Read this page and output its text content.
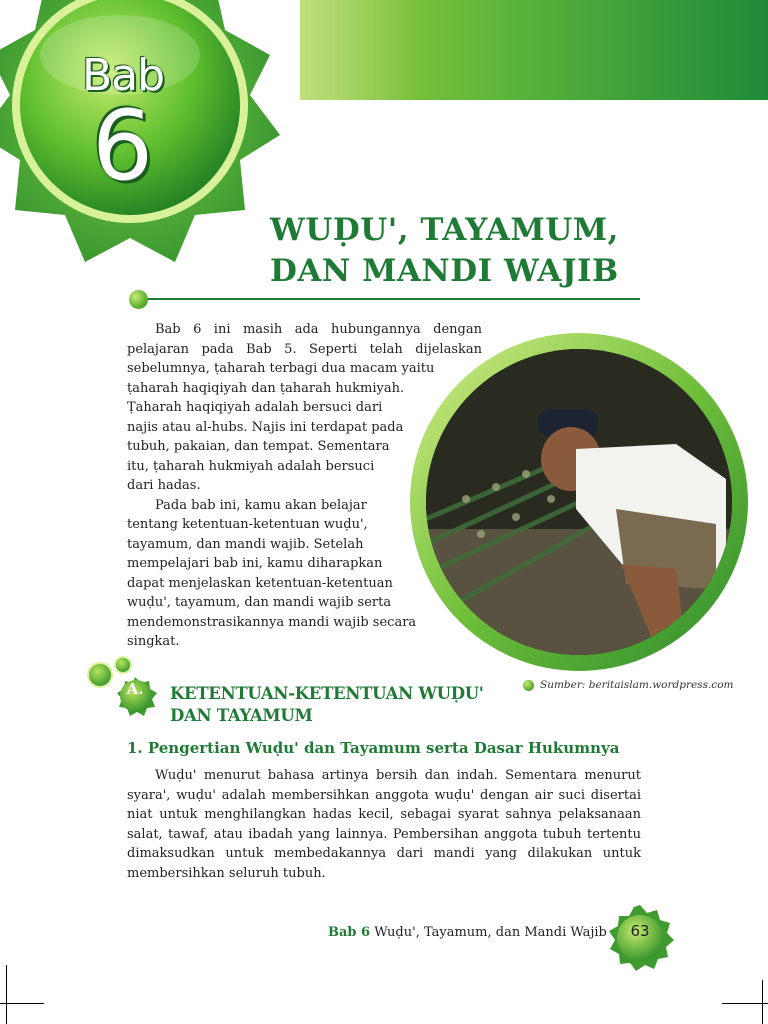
Bab
6
WUḌU', TAYAMUM,
DAN MANDI WAJIB
Bab 6 ini masih ada hubungannya dengan
pelajaran pada Bab 5. Seperti telah dijelaskan
sebelumnya, ṭaharah terbagi dua macam yaitu
ṭaharah haqiqiyah dan ṭaharah hukmiyah.
Ṭaharah haqiqiyah adalah bersuci dari
najis atau al-hubs. Najis ini terdapat pada
tubuh, pakaian, dan tempat. Sementara
itu, ṭaharah hukmiyah adalah bersuci
dari hadas.
Pada bab ini, kamu akan belajar
tentang ketentuan-ketentuan wuḍu',
tayamum, dan mandi wajib. Setelah
mempelajari bab ini, kamu diharapkan
dapat menjelaskan ketentuan-ketentuan
wuḍu', tayamum, dan mandi wajib serta
mendemonstrasikannya mandi wajib secara
singkat.
Sumber: beritaislam.wordpress.com
A.	KETENTUAN-KETENTUAN WUḌU'
DAN TAYAMUM
1. Pengertian Wuḍu' dan Tayamum serta Dasar Hukumnya
Wuḍu' menurut bahasa artinya bersih dan indah. Sementara menurut
syara', wuḍu' adalah membersihkan anggota wuḍu' dengan air suci disertai
niat untuk menghilangkan hadas kecil, sebagai syarat sahnya pelaksanaan
salat, tawaf, atau ibadah yang lainnya. Pembersihan anggota tubuh tertentu
dimaksudkan untuk membedakannya dari mandi yang dilakukan untuk
membersihkan seluruh tubuh.
Bab 6 Wuḍu', Tayamum, dan Mandi Wajib	63
